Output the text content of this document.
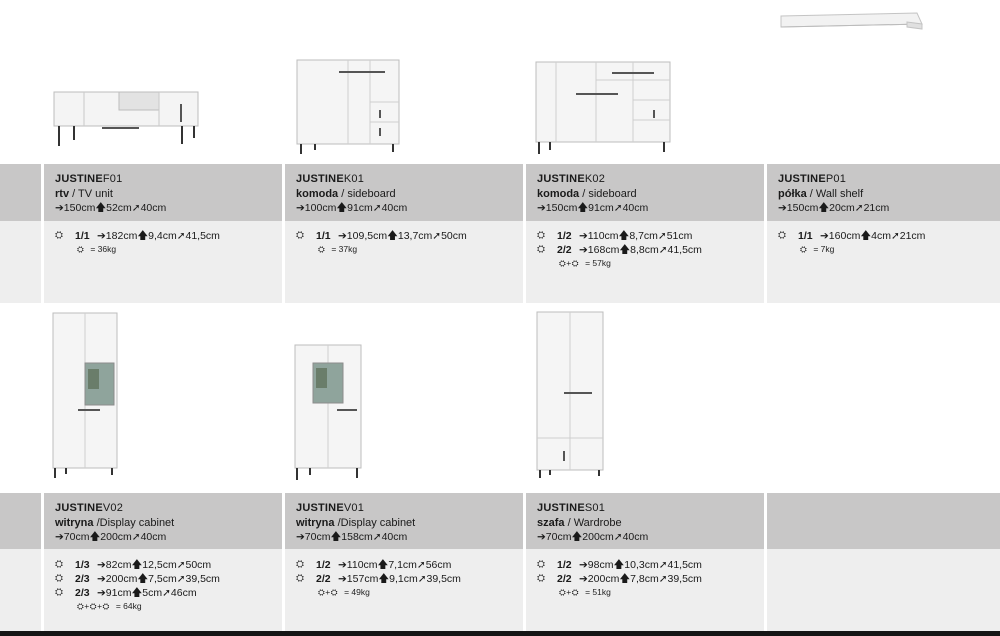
JUSTINEF01
rtv / TV unit
➔150cm🡅52cm➚40cm
JUSTINEK01
komoda / sideboard
➔100cm🡅91cm➚40cm
JUSTINEK02
komoda / sideboard
➔150cm🡅91cm➚40cm
JUSTINEP01
półka / Wall shelf
➔150cm🡅20cm➚21cm
JUSTINEV02
witryna /Display cabinet
➔70cm🡅200cm➚40cm
JUSTINEV01
witryna /Display cabinet
➔70cm🡅158cm➚40cm
JUSTINES01
szafa / Wardrobe
➔70cm🡅200cm➚40cm
⛭	1/1 ➔182cm🡅9,4cm➚41,5cm
⛭ = 36kg
⛭	1/1 ➔109,5cm🡅13,7cm➚50cm
⛭ = 37kg
⛭	1/2 ➔110cm🡅8,7cm➚51cm
⛭	2/2 ➔168cm🡅8,8cm➚41,5cm
⛭+⛭ = 57kg
⛭	1/1 ➔160cm🡅4cm➚21cm
⛭ = 7kg
⛭	1/3 ➔82cm🡅12,5cm➚50cm
⛭	2/3 ➔200cm🡅7,5cm➚39,5cm
⛭	2/3 ➔91cm🡅5cm➚46cm
⛭+⛭+⛭ = 64kg
⛭	1/2 ➔110cm🡅7,1cm➚56cm
⛭	2/2 ➔157cm🡅9,1cm➚39,5cm
⛭+⛭ = 49kg
⛭	1/2 ➔98cm🡅10,3cm➚41,5cm
⛭	2/2 ➔200cm🡅7,8cm➚39,5cm
⛭+⛭ = 51kg
